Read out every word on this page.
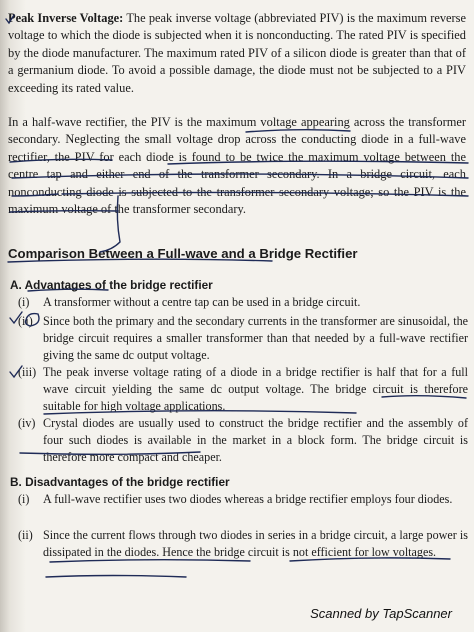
Peak Inverse Voltage: The peak inverse voltage (abbreviated PIV) is the maximum reverse voltage to which the diode is subjected when it is nonconducting. The rated PIV is specified by the diode manufacturer. The maximum rated PIV of a silicon diode is greater than that of a germanium diode. To avoid a possible damage, the diode must not be subjected to a PIV exceeding its rated value.
In a half-wave rectifier, the PIV is the maximum voltage appearing across the transformer secondary. Neglecting the small voltage drop across the conducting diode in a full-wave rectifier, the PIV for each diode is found to be twice the maximum voltage between the centre tap and either end of the transformer secondary. In a bridge circuit, each nonconducting diode is subjected to the transformer secondary voltage; so the PIV is the maximum voltage of the transformer secondary.
Comparison Between a Full-wave and a Bridge Rectifier
A. Advantages of the bridge rectifier
(i)	A transformer without a centre tap can be used in a bridge circuit.
(ii) Since both the primary and the secondary currents in the transformer are sinusoidal, the bridge circuit requires a smaller transformer than that needed by a full-wave rectifier giving the same dc output voltage.
(iii) The peak inverse voltage rating of a diode in a bridge rectifier is half that for a full wave circuit yielding the same dc output voltage. The bridge circuit is therefore suitable for high voltage applications.
(iv) Crystal diodes are usually used to construct the bridge rectifier and the assembly of four such diodes is available in the market in a block form. The bridge circuit is therefore more compact and cheaper.
B. Disadvantages of the bridge rectifier
(i)	A full-wave rectifier uses two diodes whereas a bridge rectifier employs four diodes.
(ii) Since the current flows through two diodes in series in a bridge circuit, a large power is dissipated in the diodes. Hence the bridge circuit is not efficient for low voltages.
Scanned by TapScanner
